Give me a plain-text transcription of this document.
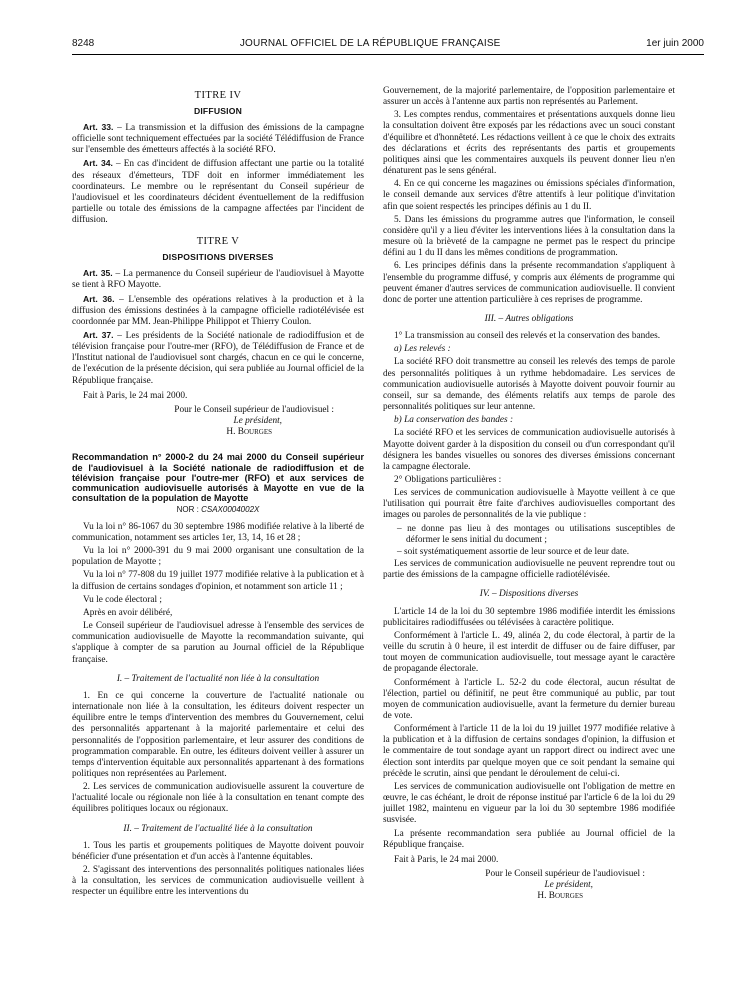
8248	JOURNAL OFFICIEL DE LA RÉPUBLIQUE FRANÇAISE	1er juin 2000
TITRE IV
DIFFUSION

Art. 33. – La transmission et la diffusion des émissions de la campagne officielle sont techniquement effectuées par la société Télédiffusion de France sur l'ensemble des émetteurs affectés à la société RFO.

Art. 34. – En cas d'incident de diffusion affectant une partie ou la totalité des réseaux d'émetteurs, TDF doit en informer immédiatement les coordinateurs. Le membre ou le représentant du Conseil supérieur de l'audiovisuel et les coordinateurs décident éventuellement de la rediffusion partielle ou totale des émissions de la campagne affectées par l'incident de diffusion.

TITRE V
DISPOSITIONS DIVERSES

Art. 35. – La permanence du Conseil supérieur de l'audiovisuel à Mayotte se tient à RFO Mayotte.

Art. 36. – L'ensemble des opérations relatives à la production et à la diffusion des émissions destinées à la campagne officielle radiotélévisée est coordonnée par MM. Jean-Philippe Philippot et Thierry Coulon.

Art. 37. – Les présidents de la Société nationale de radiodiffusion et de télévision française pour l'outre-mer (RFO), de Télédiffusion de France et de l'Institut national de l'audiovisuel sont chargés, chacun en ce qui le concerne, de l'exécution de la présente décision, qui sera publiée au Journal officiel de la République française.

Fait à Paris, le 24 mai 2000.

Pour le Conseil supérieur de l'audiovisuel :
Le président,
H. Bourges
Recommandation n° 2000-2 du 24 mai 2000 du Conseil supérieur de l'audiovisuel à la Société nationale de radiodiffusion et de télévision française pour l'outre-mer (RFO) et aux services de communication audiovisuelle autorisés à Mayotte en vue de la consultation de la population de Mayotte
NOR : CSAX0004002X

Vu la loi n° 86-1067 du 30 septembre 1986 modifiée relative à la liberté de communication, notamment ses articles 1er, 13, 14, 16 et 28 ;

Vu la loi n° 2000-391 du 9 mai 2000 organisant une consultation de la population de Mayotte ;

Vu la loi n° 77-808 du 19 juillet 1977 modifiée relative à la publication et à la diffusion de certains sondages d'opinion, et notamment son article 11 ;

Vu le code électoral ;

Après en avoir délibéré,

Le Conseil supérieur de l'audiovisuel adresse à l'ensemble des services de communication audiovisuelle de Mayotte la recommandation suivante, qui s'applique à compter de sa parution au Journal officiel de la République française.

I. – Traitement de l'actualité non liée à la consultation

1. En ce qui concerne la couverture de l'actualité nationale ou internationale non liée à la consultation, les éditeurs doivent respecter un équilibre entre le temps d'intervention des membres du Gouvernement, celui des personnalités appartenant à la majorité parlementaire et celui des personnalités de l'opposition parlementaire, et leur assurer des conditions de programmation comparable. En outre, les éditeurs doivent veiller à assurer un temps d'intervention équitable aux personnalités appartenant à des formations politiques non représentées au Parlement.

2. Les services de communication audiovisuelle assurent la couverture de l'actualité locale ou régionale non liée à la consultation en tenant compte des équilibres politiques locaux ou régionaux.

II. – Traitement de l'actualité liée à la consultation

1. Tous les partis et groupements politiques de Mayotte doivent pouvoir bénéficier d'une présentation et d'un accès à l'antenne équitables.

2. S'agissant des interventions des personnalités politiques nationales liées à la consultation, les services de communication audiovisuelle veillent à respecter un équilibre entre les interventions du

Gouvernement, de la majorité parlementaire, de l'opposition parlementaire et assurer un accès à l'antenne aux partis non représentés au Parlement.

3. Les comptes rendus, commentaires et présentations auxquels donne lieu la consultation doivent être exposés par les rédactions avec un souci constant d'équilibre et d'honnêteté. Les rédactions veillent à ce que le choix des extraits des déclarations et écrits des représentants des partis et groupements politiques ainsi que les commentaires auxquels ils peuvent donner lieu n'en dénaturent pas le sens général.

4. En ce qui concerne les magazines ou émissions spéciales d'information, le conseil demande aux services d'être attentifs à leur politique d'invitation afin que soient respectés les principes définis au 1 du II.

5. Dans les émissions du programme autres que l'information, le conseil considère qu'il y a lieu d'éviter les interventions liées à la consultation dans la mesure où la brièveté de la campagne ne permet pas le respect du principe défini au 1 du II dans les mêmes conditions de programmation.

6. Les principes définis dans la présente recommandation s'appliquent à l'ensemble du programme diffusé, y compris aux éléments de programme qui peuvent émaner d'autres services de communication audiovisuelle. Il convient donc de porter une attention particulière à ces reprises de programme.

III. – Autres obligations

1° La transmission au conseil des relevés et la conservation des bandes.

a) Les relevés :

La société RFO doit transmettre au conseil les relevés des temps de parole des personnalités politiques à un rythme hebdomadaire. Les services de communication audiovisuelle autorisés à Mayotte doivent pouvoir fournir au conseil, sur sa demande, des éléments relatifs aux temps de parole des personnalités politiques sur leur antenne.

b) La conservation des bandes :

La société RFO et les services de communication audiovisuelle autorisés à Mayotte doivent garder à la disposition du conseil ou d'un correspondant qu'il désignera les bandes visuelles ou sonores des diverses émissions concernant la campagne électorale.

2° Obligations particulières :

Les services de communication audiovisuelle à Mayotte veillent à ce que l'utilisation qui pourrait être faite d'archives audiovisuelles comportant des images ou paroles de personnalités de la vie publique :

– ne donne pas lieu à des montages ou utilisations susceptibles de déformer le sens initial du document ;
– soit systématiquement assortie de leur source et de leur date.

Les services de communication audiovisuelle ne peuvent reprendre tout ou partie des émissions de la campagne officielle radiotélévisée.

IV. – Dispositions diverses

L'article 14 de la loi du 30 septembre 1986 modifiée interdit les émissions publicitaires radiodiffusées ou télévisées à caractère politique.

Conformément à l'article L. 49, alinéa 2, du code électoral, à partir de la veille du scrutin à 0 heure, il est interdit de diffuser ou de faire diffuser, par tout moyen de communication audiovisuelle, tout message ayant le caractère de propagande électorale.

Conformément à l'article L. 52-2 du code électoral, aucun résultat de l'élection, partiel ou définitif, ne peut être communiqué au public, par tout moyen de communication audiovisuelle, avant la fermeture du dernier bureau de vote.

Conformément à l'article 11 de la loi du 19 juillet 1977 modifiée relative à la publication et à la diffusion de certains sondages d'opinion, la diffusion et le commentaire de tout sondage ayant un rapport direct ou indirect avec une élection sont interdits par quelque moyen que ce soit pendant la semaine qui précède le scrutin, ainsi que pendant le déroulement de celui-ci.

Les services de communication audiovisuelle ont l'obligation de mettre en œuvre, le cas échéant, le droit de réponse institué par l'article 6 de la loi du 29 juillet 1982, maintenu en vigueur par la loi du 30 septembre 1986 modifiée susvisée.

La présente recommandation sera publiée au Journal officiel de la République française.

Fait à Paris, le 24 mai 2000.

Pour le Conseil supérieur de l'audiovisuel :
Le président,
H. Bourges
